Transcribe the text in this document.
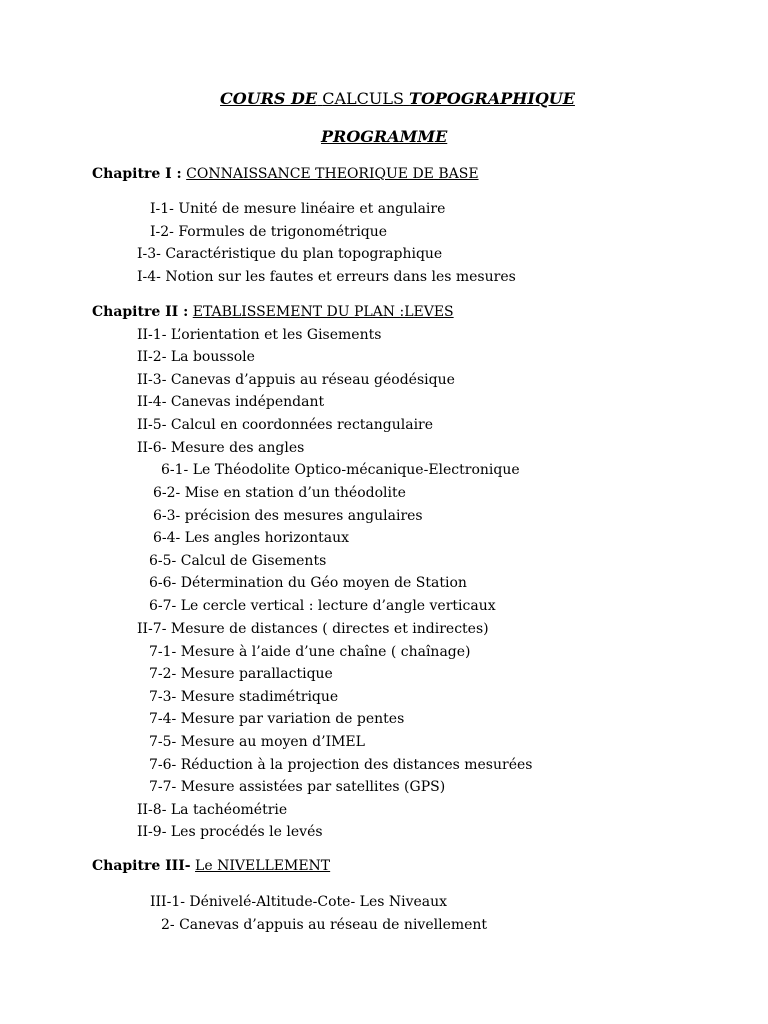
COURS DE CALCULS TOPOGRAPHIQUE
PROGRAMME
Chapitre I : CONNAISSANCE THEORIQUE DE BASE
I-1- Unité de mesure linéaire et angulaire
I-2- Formules de trigonométrique
I-3- Caractéristique du plan topographique
I-4- Notion sur les fautes et erreurs dans les mesures
Chapitre II : ETABLISSEMENT DU PLAN :LEVES
II-1- L’orientation et les Gisements
II-2- La boussole
II-3- Canevas d’appuis au réseau géodésique
II-4- Canevas indépendant
II-5- Calcul en coordonnées rectangulaire
II-6- Mesure des angles
6-1- Le Théodolite Optico-mécanique-Electronique
6-2- Mise en station d’un théodolite
6-3- précision des mesures angulaires
6-4- Les angles horizontaux
6-5- Calcul de Gisements
6-6- Détermination du Géo moyen de Station
6-7- Le cercle vertical : lecture d’angle verticaux
II-7- Mesure de distances ( directes et indirectes)
7-1- Mesure à l’aide d’une chaîne ( chaînage)
7-2- Mesure parallactique
7-3- Mesure stadimétrique
7-4- Mesure par variation de pentes
7-5- Mesure au moyen d’IMEL
7-6- Réduction à la projection des distances mesurées
7-7- Mesure assistées par satellites (GPS)
II-8- La tachéométrie
II-9- Les procédés le levés
Chapitre III- Le NIVELLEMENT
III-1- Dénivelé-Altitude-Cote- Les Niveaux
2- Canevas d’appuis au réseau de nivellement
